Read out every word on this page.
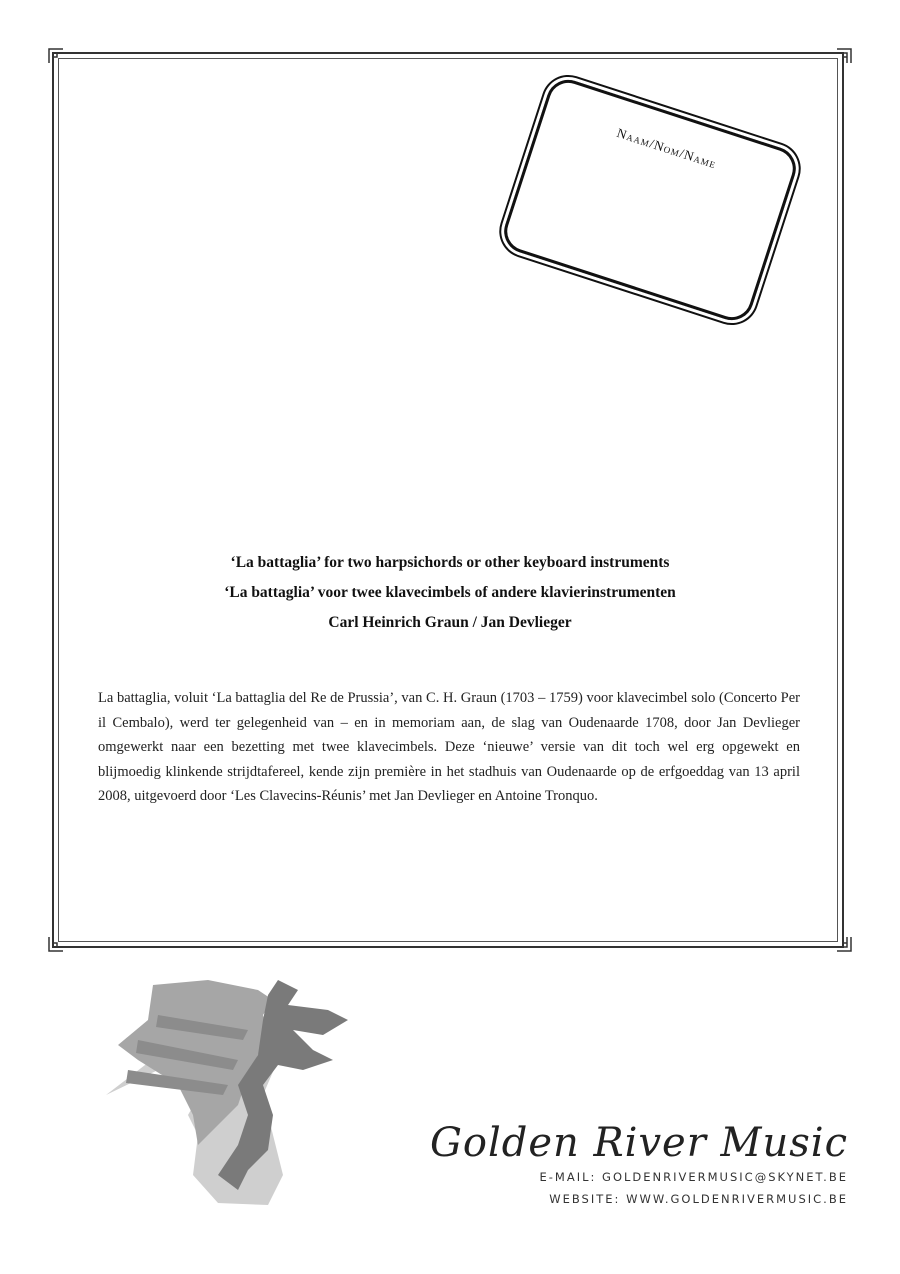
Naam/Nom/Name
‘La battaglia’ for two harpsichords or other keyboard instruments
‘La battaglia’ voor twee klavecimbels of andere klavierinstrumenten
Carl Heinrich Graun / Jan Devlieger
La battaglia, voluit ‘La battaglia del Re de Prussia’, van C. H. Graun (1703 – 1759) voor klavecimbel solo (Concerto Per il Cembalo), werd ter gelegenheid van – en in memoriam aan, de slag van Oudenaarde 1708, door Jan Devlieger omgewerkt naar een bezetting met twee klavecimbels. Deze ‘nieuwe’ versie van dit toch wel erg opgewekt en blijmoedig klinkende strijdtafereel, kende zijn première in het stadhuis van Oudenaarde op de erfgoeddag van 13 april 2008, uitgevoerd door ‘Les Clavecins-Réunis’ met Jan Devlieger en Antoine Tronquo.
Golden River Music
E-MAIL: GOLDENRIVERMUSIC@SKYNET.BE
WEBSITE: WWW.GOLDENRIVERMUSIC.BE
